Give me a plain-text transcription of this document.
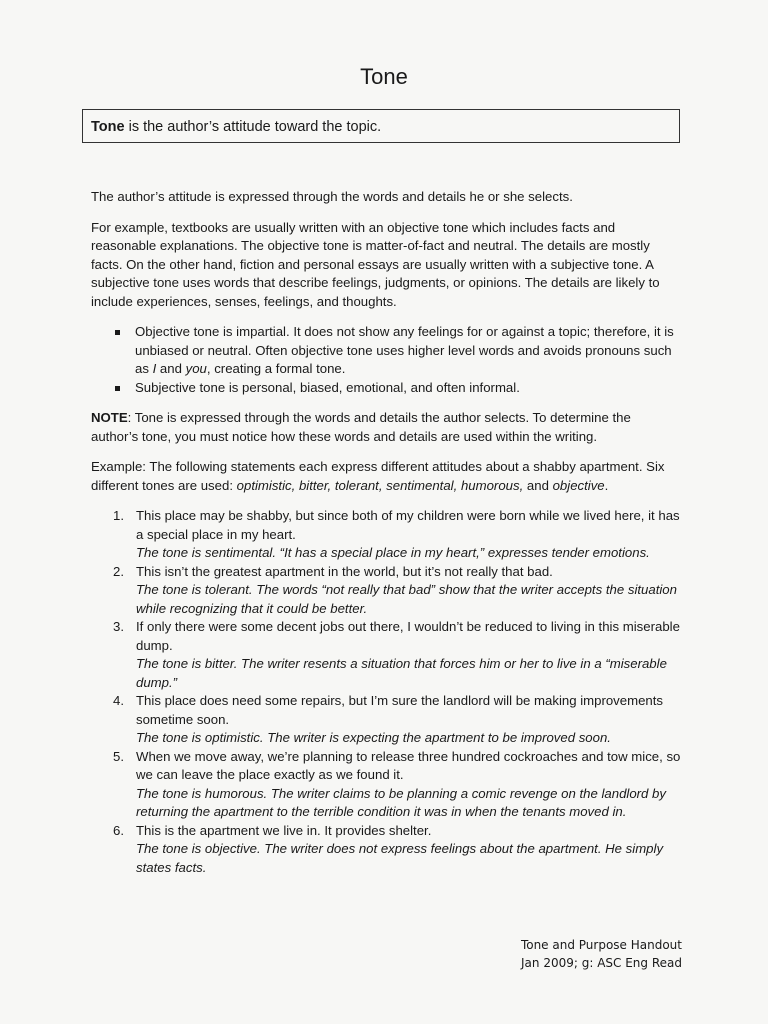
Tone
Tone is the author’s attitude toward the topic.

The author’s attitude is expressed through the words and details he or she selects.

For example, textbooks are usually written with an objective tone which includes facts and reasonable explanations. The objective tone is matter-of-fact and neutral. The details are mostly facts. On the other hand, fiction and personal essays are usually written with a subjective tone. A subjective tone uses words that describe feelings, judgments, or opinions. The details are likely to include experiences, senses, feelings, and thoughts.

Objective tone is impartial. It does not show any feelings for or against a topic; therefore, it is unbiased or neutral. Often objective tone uses higher level words and avoids pronouns such as I and you, creating a formal tone.
Subjective tone is personal, biased, emotional, and often informal.

NOTE: Tone is expressed through the words and details the author selects. To determine the author’s tone, you must notice how these words and details are used within the writing.

Example: The following statements each express different attitudes about a shabby apartment. Six different tones are used: optimistic, bitter, tolerant, sentimental, humorous, and objective.

1. This place may be shabby, but since both of my children were born while we lived here, it has a special place in my heart.
The tone is sentimental. “It has a special place in my heart,” expresses tender emotions.
2. This isn’t the greatest apartment in the world, but it’s not really that bad.
The tone is tolerant. The words “not really that bad” show that the writer accepts the situation while recognizing that it could be better.
3. If only there were some decent jobs out there, I wouldn’t be reduced to living in this miserable dump.
The tone is bitter. The writer resents a situation that forces him or her to live in a “miserable dump.”
4. This place does need some repairs, but I’m sure the landlord will be making improvements sometime soon.
The tone is optimistic. The writer is expecting the apartment to be improved soon.
5. When we move away, we’re planning to release three hundred cockroaches and tow mice, so we can leave the place exactly as we found it.
The tone is humorous. The writer claims to be planning a comic revenge on the landlord by returning the apartment to the terrible condition it was in when the tenants moved in.
6. This is the apartment we live in. It provides shelter.
The tone is objective. The writer does not express feelings about the apartment. He simply states facts.
Tone and Purpose Handout
Jan 2009; g: ASC Eng Read
